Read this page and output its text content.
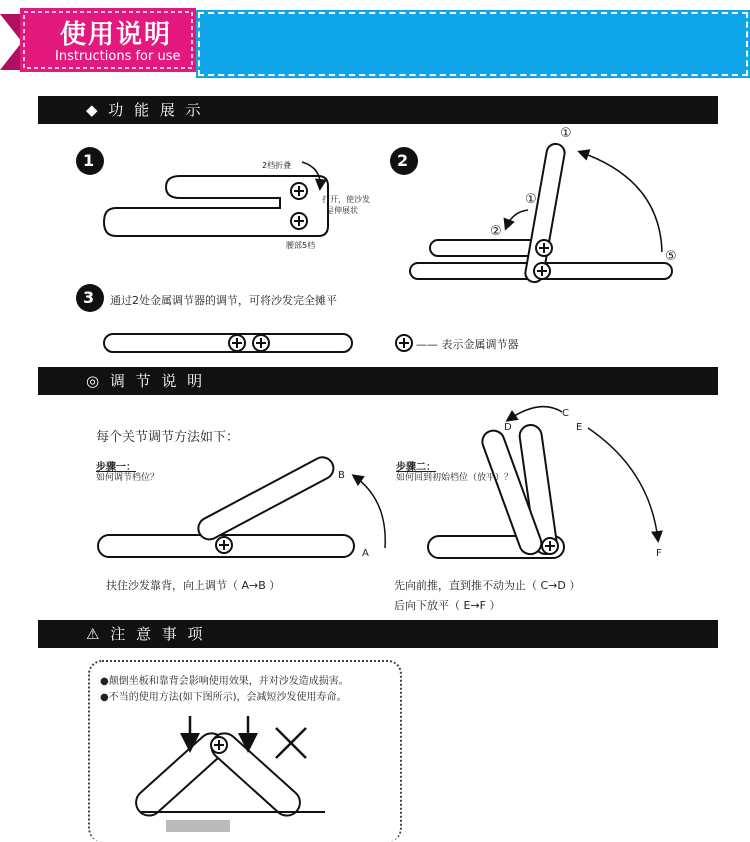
使用说明
Instructions for use
◆ 功 能 展 示
◎ 调 节 说 明
⚠ 注 意 事 项
1	2
3
2档折叠
打开，使沙发
呈伸展状
腰部5档
①
①
②
⑤
通过2处金属调节器的调节，可将沙发完全摊平
—— 表示金属调节器
每个关节调节方法如下：
步骤一：
如何调节档位？
步骤二：
如何回到初始档位（放平）？
A
B
C
D	E
F
扶住沙发靠背，向上调节（ A→B ）	先向前推，直到推不动为止（ C→D ）
后向下放平（ E→F ）
●颠倒坐板和靠背会影响使用效果，并对沙发造成损害。
●不当的使用方法(如下图所示)，会减短沙发使用寿命。
